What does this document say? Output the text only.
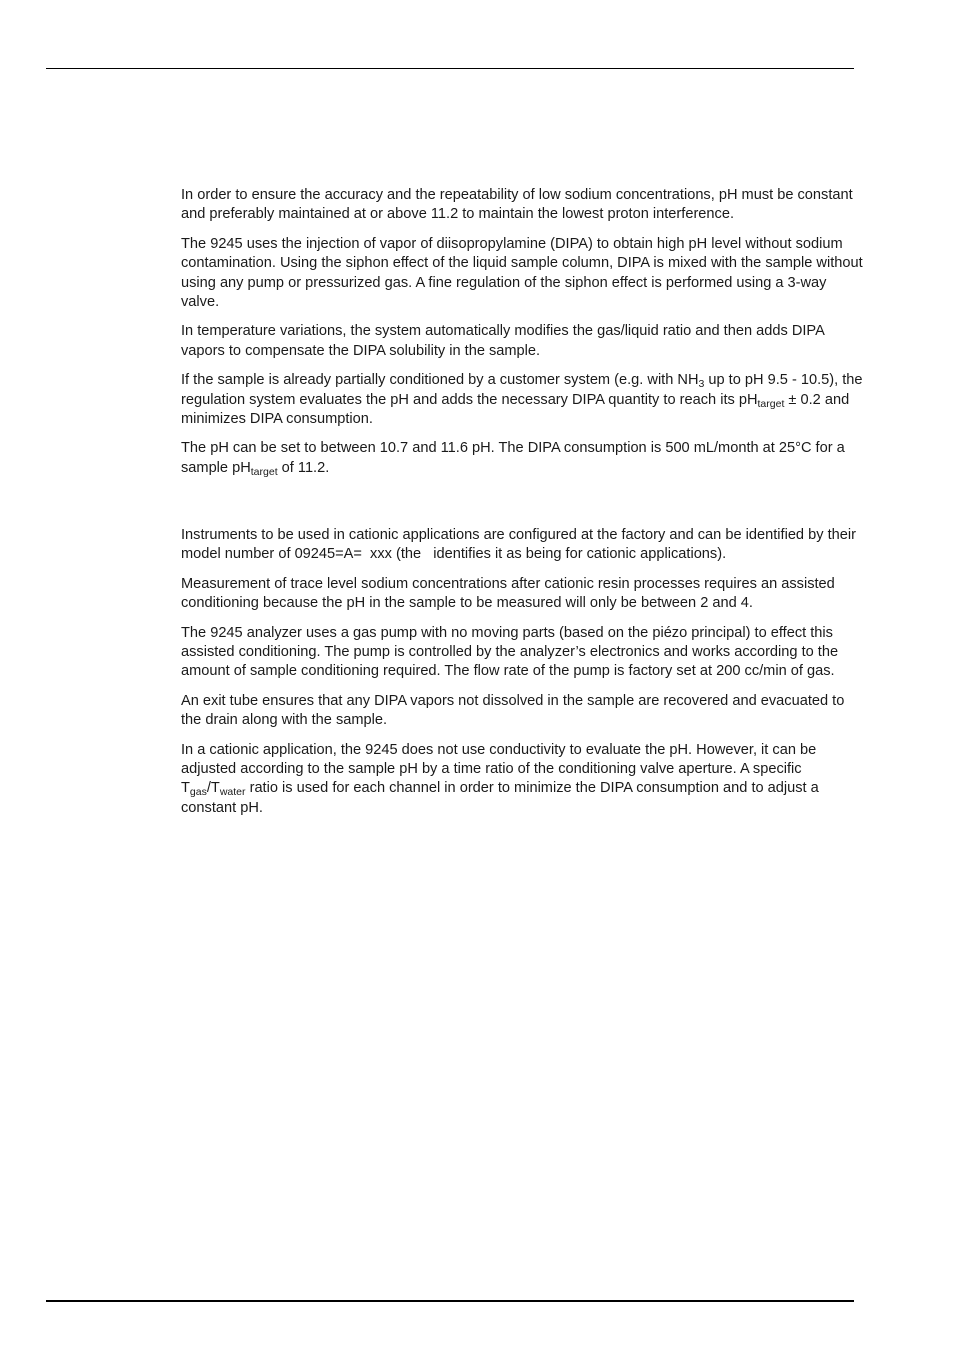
In order to ensure the accuracy and the repeatability of low sodium concentrations, pH must be constant and preferably maintained at or above 11.2 to maintain the lowest proton interference.

The 9245 uses the injection of vapor of diisopropylamine (DIPA) to obtain high pH level without sodium contamination. Using the siphon effect of the liquid sample column, DIPA is mixed with the sample without using any pump or pressurized gas. A fine regulation of the siphon effect is performed using a 3-way valve.

In temperature variations, the system automatically modifies the gas/liquid ratio and then adds DIPA vapors to compensate the DIPA solubility in the sample.

If the sample is already partially conditioned by a customer system (e.g. with $NH_3$ up to pH 9.5 - 10.5), the regulation system evaluates the pH and adds the necessary DIPA quantity to reach its $pH_{target} \pm 0.2$ and minimizes DIPA consumption.

The pH can be set to between 10.7 and 11.6 pH. The DIPA consumption is 500 mL/month at 25°C for a sample $pH_{target}$ of 11.2.

Instruments to be used in cationic applications are configured at the factory and can be identified by their model number of 09245=A=  xxx (the   identifies it as being for cationic applications).

Measurement of trace level sodium concentrations after cationic resin processes requires an assisted conditioning because the pH in the sample to be measured will only be between 2 and 4.

The 9245 analyzer uses a gas pump with no moving parts (based on the piézo principal) to effect this assisted conditioning. The pump is controlled by the analyzer’s electronics and works according to the amount of sample conditioning required. The flow rate of the pump is factory set at 200 cc/min of gas.

An exit tube ensures that any DIPA vapors not dissolved in the sample are recovered and evacuated to the drain along with the sample.

In a cationic application, the 9245 does not use conductivity to evaluate the pH. However, it can be adjusted according to the sample pH by a time ratio of the conditioning valve aperture. A specific $T_{gas}/T_{water}$ ratio is used for each channel in order to minimize the DIPA consumption and to adjust a constant pH.
